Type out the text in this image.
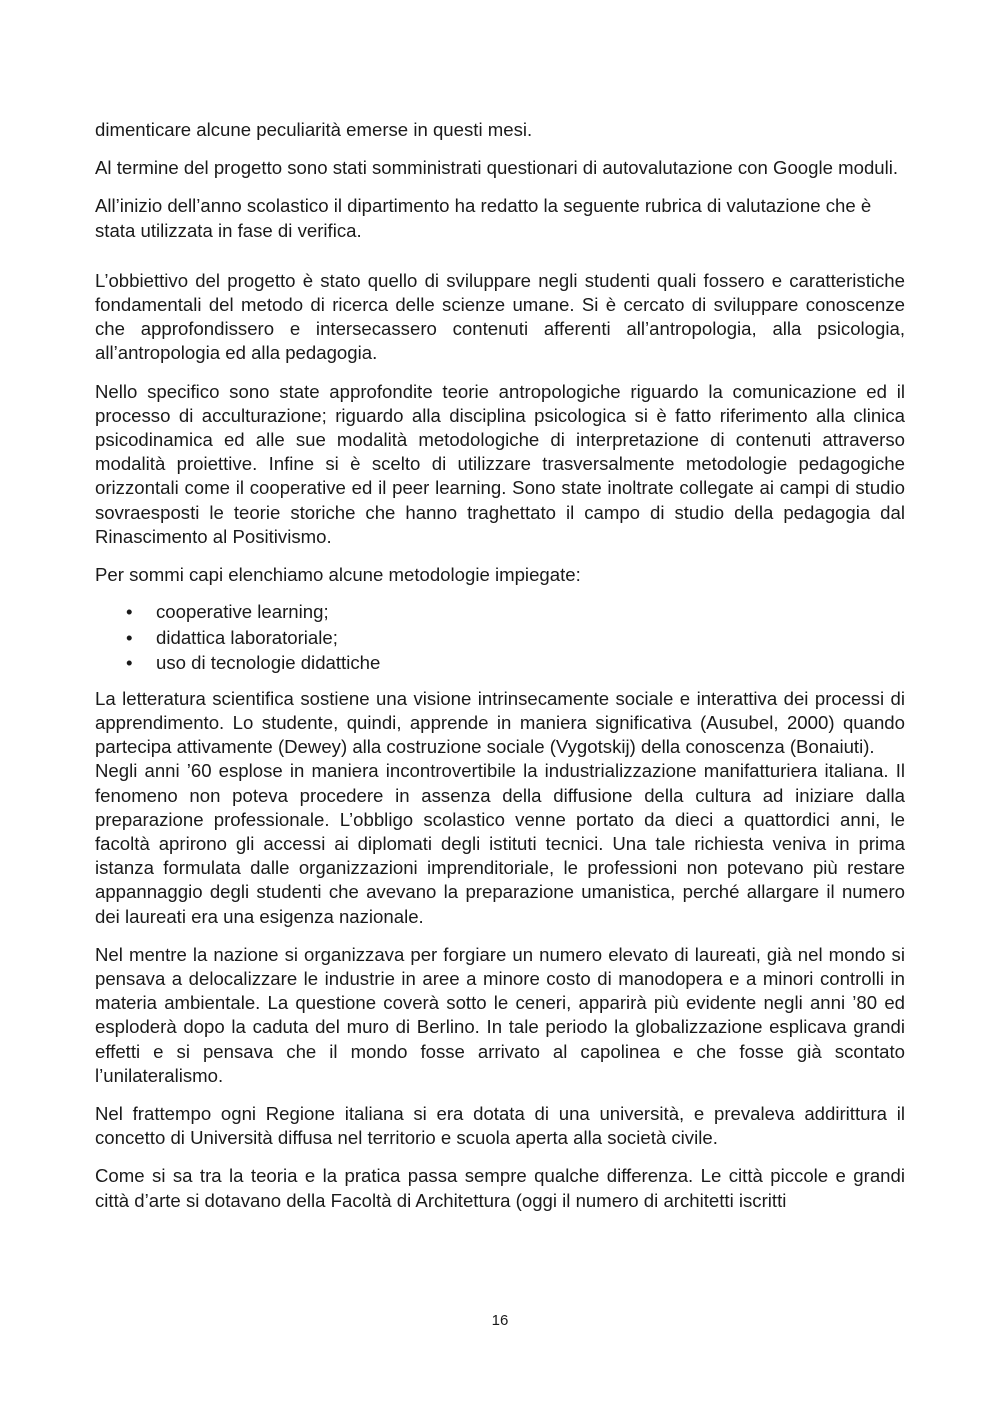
dimenticare alcune peculiarità emerse in questi mesi.

Al termine del progetto sono stati somministrati questionari di autovalutazione con Google moduli.

All’inizio dell’anno scolastico il dipartimento ha redatto la seguente rubrica di valutazione che è stata utilizzata in fase di verifica.

L’obbiettivo del progetto è stato quello di sviluppare negli studenti quali fossero e caratteristiche fondamentali del metodo di ricerca delle scienze umane. Si è cercato di sviluppare conoscenze che approfondissero e intersecassero contenuti afferenti all’antropologia, alla psicologia, all’antropologia ed alla pedagogia.

Nello specifico sono state approfondite teorie antropologiche riguardo la comunicazione ed il processo di acculturazione; riguardo alla disciplina psicologica si è fatto riferimento alla clinica psicodinamica ed alle sue modalità metodologiche di interpretazione di contenuti attraverso modalità proiettive. Infine si è scelto di utilizzare trasversalmente metodologie pedagogiche orizzontali come il cooperative ed il peer learning. Sono state inoltrate collegate ai campi di studio sovraesposti le teorie storiche che hanno traghettato il campo di studio della pedagogia dal Rinascimento al Positivismo.

Per sommi capi elenchiamo alcune metodologie impiegate:

• cooperative learning;
• didattica laboratoriale;
• uso di tecnologie didattiche

La letteratura scientifica sostiene una visione intrinsecamente sociale e interattiva dei processi di apprendimento. Lo studente, quindi, apprende in maniera significativa (Ausubel, 2000) quando partecipa attivamente (Dewey) alla costruzione sociale (Vygotskij) della conoscenza (Bonaiuti).

Negli anni ’60 esplose in maniera incontrovertibile la industrializzazione manifatturiera italiana. Il fenomeno non poteva procedere in assenza della diffusione della cultura ad iniziare dalla preparazione professionale. L’obbligo scolastico venne portato da dieci a quattordici anni, le facoltà aprirono gli accessi ai diplomati degli istituti tecnici. Una tale richiesta veniva in prima istanza formulata dalle organizzazioni imprenditoriale, le professioni non potevano più restare appannaggio degli studenti che avevano la preparazione umanistica, perché allargare il numero dei laureati era una esigenza nazionale.

Nel mentre la nazione si organizzava per forgiare un numero elevato di laureati, già nel mondo si pensava a delocalizzare le industrie in aree a minore costo di manodopera e a minori controlli in materia ambientale. La questione coverà sotto le ceneri, apparirà più evidente negli anni ’80 ed esploderà dopo la caduta del muro di Berlino. In tale periodo la globalizzazione esplicava grandi effetti e si pensava che il mondo fosse arrivato al capolinea e che fosse già scontato l’unilateralismo.

Nel frattempo ogni Regione italiana si era dotata di una università, e prevaleva addirittura il concetto di Università diffusa nel territorio e scuola aperta alla società civile.

Come si sa tra la teoria e la pratica passa sempre qualche differenza. Le città piccole e grandi città d’arte si dotavano della Facoltà di Architettura (oggi il numero di architetti iscritti

16
